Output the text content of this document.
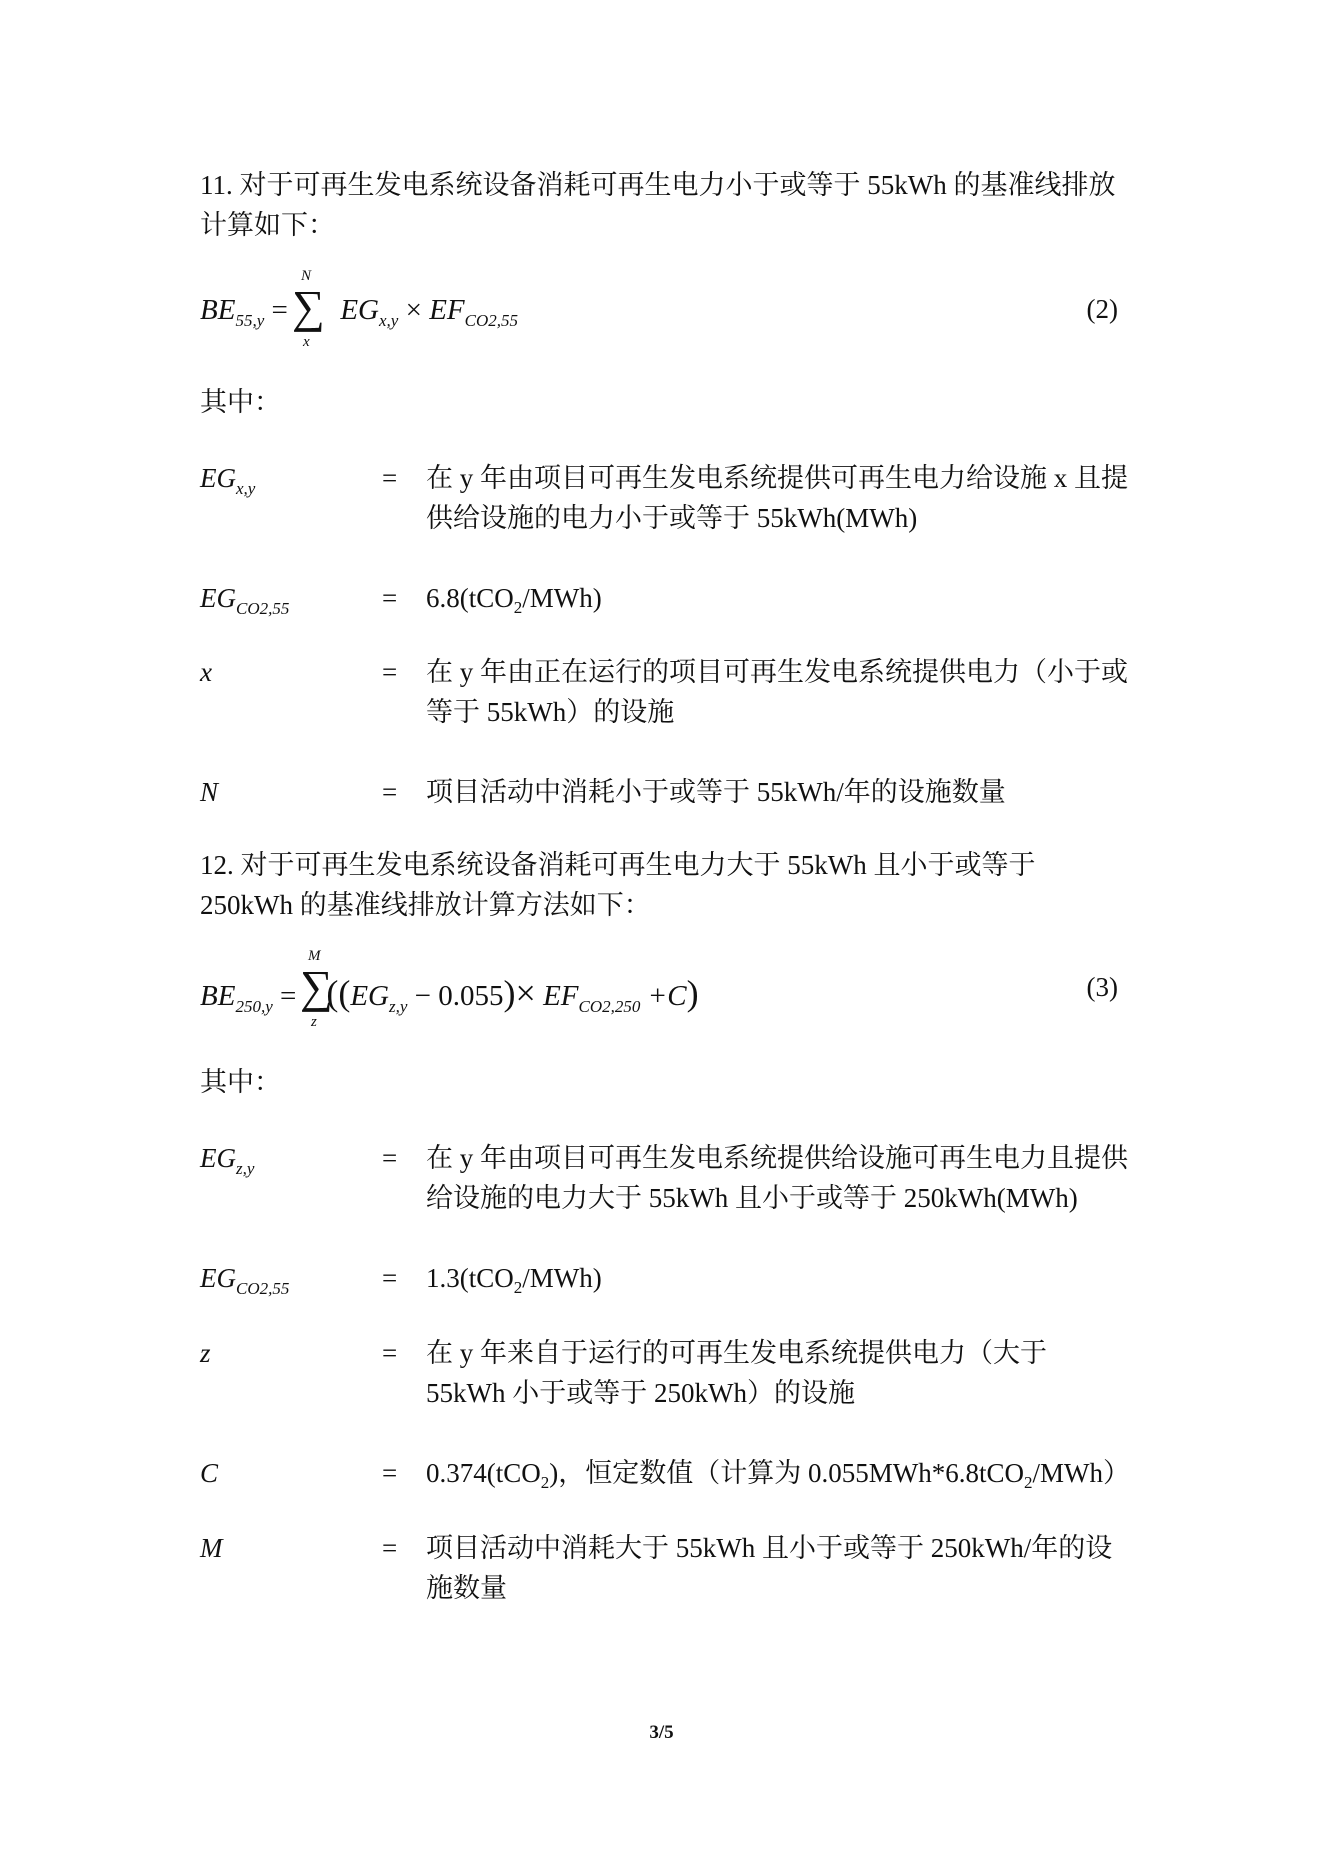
11. 对于可再生发电系统设备消耗可再生电力小于或等于 55kWh 的基准线排放计算如下：

$BE_{55,y} = EG_{x,y} \times EF_{CO2,55}$
N
∑
x
(2)
其中：
$EG_{x,y}$	= 在 y 年由项目可再生发电系统提供可再生电力给设施 x 且提供给设施的电力小于或等于 55kWh(MWh)
$EG_{CO2,55}$	= 6.8(tCO$_2$/MWh)
x	= 在 y 年由正在运行的项目可再生发电系统提供电力（小于或等于 55kWh）的设施
N	= 项目活动中消耗小于或等于 55kWh/年的设施数量

12. 对于可再生发电系统设备消耗可再生电力大于 55kWh 且小于或等于 250kWh 的基准线排放计算方法如下：

$BE_{250,y} = ((EG_{z,y} - 0.055)\times EF_{CO2,250} +C)$
M
∑
z
(3)
其中：
$EG_{z,y}$	= 在 y 年由项目可再生发电系统提供给设施可再生电力且提供给设施的电力大于 55kWh 且小于或等于 250kWh(MWh)
$EG_{CO2,55}$	= 1.3(tCO$_2$/MWh)
z	= 在 y 年来自于运行的可再生发电系统提供电力（大于 55kWh 小于或等于 250kWh）的设施
C	= 0.374(tCO$_2$)，恒定数值（计算为 0.055MWh*6.8tCO$_2$/MWh）
M	= 项目活动中消耗大于 55kWh 且小于或等于 250kWh/年的设施数量
3/5
